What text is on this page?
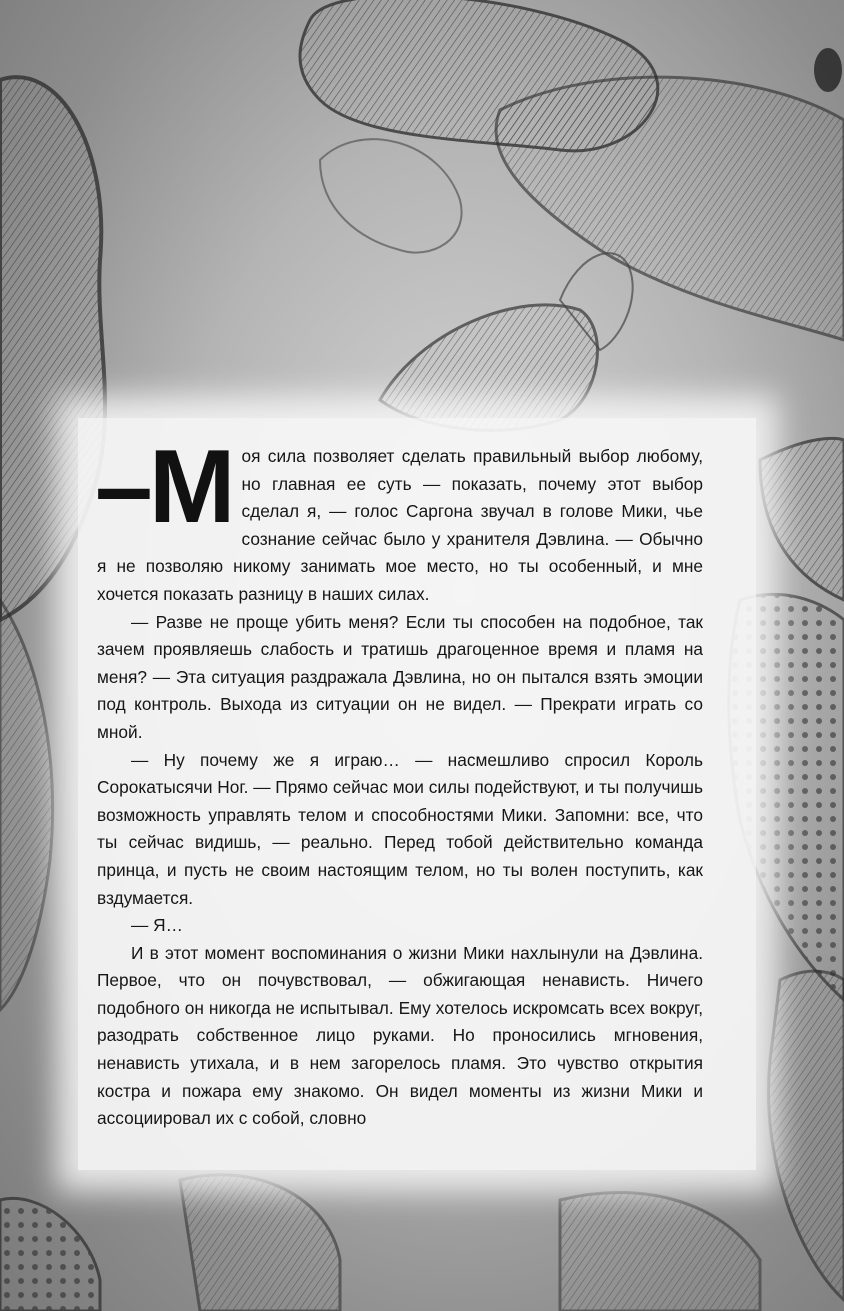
–М оя сила позволяет сделать правильный выбор любому, но главная ее суть — показать, почему этот выбор сделал я, — голос Саргона звучал в голове Мики, чье сознание сейчас было у хранителя Дэвлина. — Обычно я не позволяю никому занимать мое место, но ты особенный, и мне хочется показать разницу в наших силах.

— Разве не проще убить меня? Если ты способен на подобное, так зачем проявляешь слабость и тратишь драгоценное время и пламя на меня? — Эта ситуация раздражала Дэвлина, но он пытался взять эмоции под контроль. Выхода из ситуации он не видел. — Прекрати играть со мной.

— Ну почему же я играю… — насмешливо спросил Король Сорокатысячи Ног. — Прямо сейчас мои силы подействуют, и ты получишь возможность управлять телом и способностями Мики. Запомни: все, что ты сейчас видишь, — реально. Перед тобой действительно команда принца, и пусть не своим настоящим телом, но ты волен поступить, как вздумается.

— Я…

И в этот момент воспоминания о жизни Мики нахлынули на Дэвлина. Первое, что он почувствовал, — обжигающая ненависть. Ничего подобного он никогда не испытывал. Ему хотелось искромсать всех вокруг, разодрать собственное лицо руками. Но проносились мгновения, ненависть утихала, и в нем загорелось пламя. Это чувство открытия костра и пожара ему знакомо. Он видел моменты из жизни Мики и ассоциировал их с собой, словно
